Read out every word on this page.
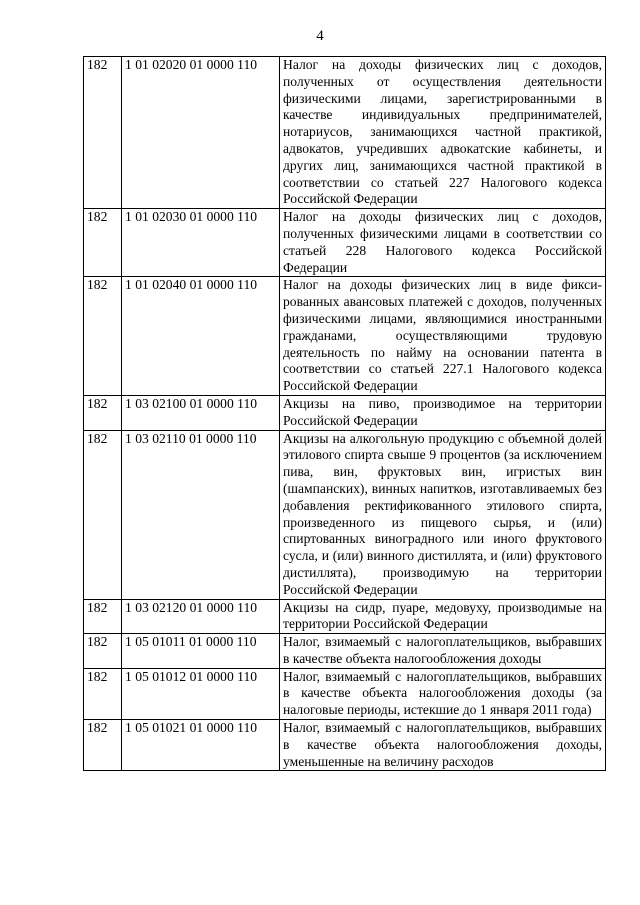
4
182	1 01 02020 01 0000 110	Налог на доходы физических лиц с доходов, полученных от осуществления деятельности физическими лицами, зарегистрированными в качестве индивидуальных предпринимателей, нотариусов, занимающихся частной практикой, адвокатов, учредивших адвокатские кабинеты, и других лиц, занимающихся частной практикой в соответствии со статьей 227 Налогового кодекса Российской Федерации
182	1 01 02030 01 0000 110	Налог на доходы физических лиц с доходов, полученных физическими лицами в соответствии со статьей 228 Налогового кодекса Российской Федерации
182	1 01 02040 01 0000 110	Налог на доходы физических лиц в виде фиксированных авансовых платежей с доходов, полученных физическими лицами, являющимися иностранными гражданами, осуществляющими трудовую деятельность по найму на основании патента в соответствии со статьей 227.1 Налогового кодекса Российской Федерации
182	1 03 02100 01 0000 110	Акцизы на пиво, производимое на территории Российской Федерации
182	1 03 02110 01 0000 110	Акцизы на алкогольную продукцию с объемной долей этилового спирта свыше 9 процентов (за исключением пива, вин, фруктовых вин, игристых вин (шампанских), винных напитков, изготавливаемых без добавления ректификованного этилового спирта, произведенного из пищевого сырья, и (или) спиртованных виноградного или иного фруктового сусла, и (или) винного дистиллята, и (или) фруктового дистиллята), производимую на территории Российской Федерации
182	1 03 02120 01 0000 110	Акцизы на сидр, пуаре, медовуху, производимые на территории Российской Федерации
182	1 05 01011 01 0000 110	Налог, взимаемый с налогоплательщиков, выбравших в качестве объекта налогообложения доходы
182	1 05 01012 01 0000 110	Налог, взимаемый с налогоплательщиков, выбравших в качестве объекта налогообложения доходы (за налоговые периоды, истекшие до 1 января 2011 года)
182	1 05 01021 01 0000 110	Налог, взимаемый с налогоплательщиков, выбравших в качестве объекта налогообложения доходы, уменьшенные на величину расходов
